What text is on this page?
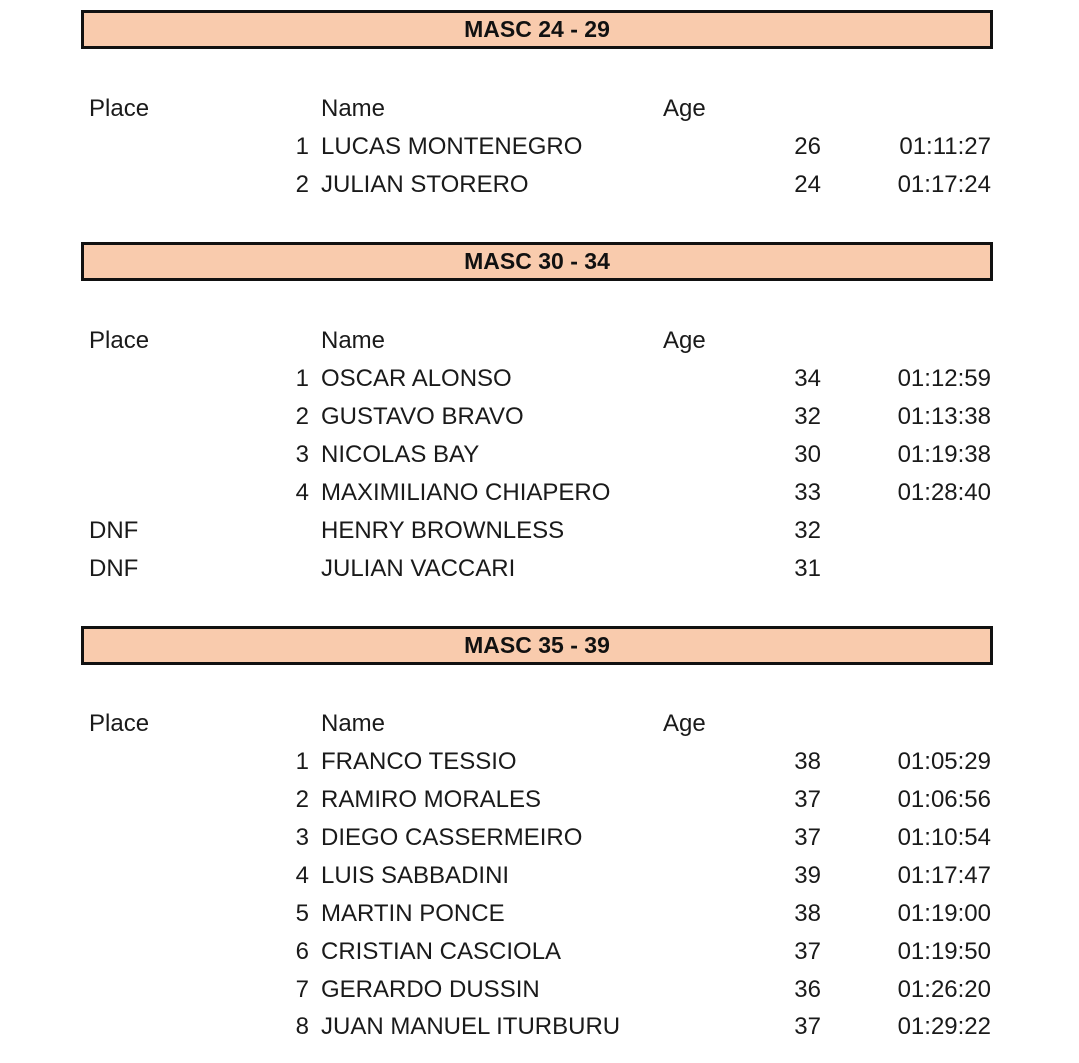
MASC 24 - 29
Place	Name	Age
1 LUCAS MONTENEGRO	26	01:11:27
2 JULIAN STORERO	24	01:17:24
MASC 30 - 34
Place	Name	Age
1 OSCAR ALONSO	34	01:12:59
2 GUSTAVO BRAVO	32	01:13:38
3 NICOLAS BAY	30	01:19:38
4 MAXIMILIANO CHIAPERO	33	01:28:40
DNF	HENRY BROWNLESS	32
DNF	JULIAN VACCARI	31
MASC 35 - 39
Place	Name	Age
1 FRANCO TESSIO	38	01:05:29
2 RAMIRO MORALES	37	01:06:56
3 DIEGO CASSERMEIRO	37	01:10:54
4 LUIS SABBADINI	39	01:17:47
5 MARTIN PONCE	38	01:19:00
6 CRISTIAN CASCIOLA	37	01:19:50
7 GERARDO DUSSIN	36	01:26:20
8 JUAN MANUEL ITURBURU	37	01:29:22
